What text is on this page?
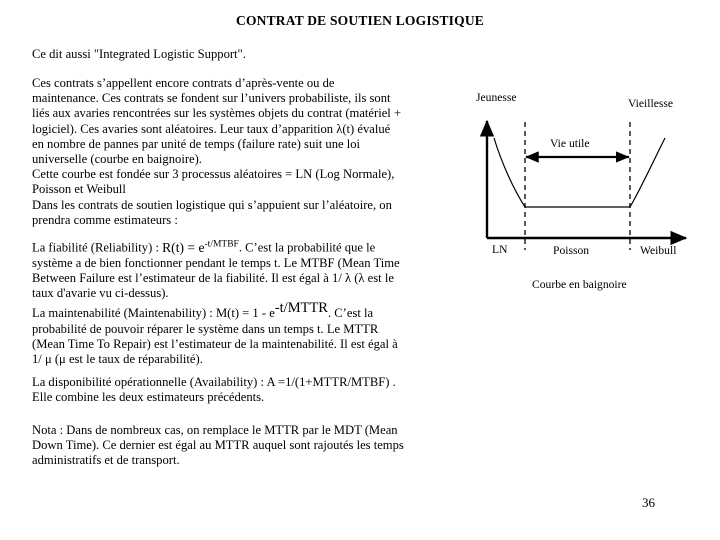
CONTRAT DE SOUTIEN LOGISTIQUE
Ce dit aussi "Integrated Logistic Support".
Ces contrats s’appellent encore contrats d’après-vente ou de maintenance. Ces contrats se fondent sur l’univers probabiliste, ils sont liés aux avaries rencontrées sur les systèmes objets du contrat (matériel + logiciel). Ces avaries sont aléatoires. Leur taux d’apparition λ(t) évalué en nombre de pannes par unité de temps (failure rate) suit une loi universelle (courbe en baignoire).
Cette courbe est fondée sur 3 processus aléatoires = LN (Log Normale), Poisson et Weibull
Dans les contrats de soutien logistique qui s’appuient sur l’aléatoire, on prendra comme estimateurs :
La fiabilité (Reliability) : $R(t) = e^{-t/MTBF}$. C’est la probabilité que le système a de bien fonctionner pendant le temps t. Le MTBF (Mean Time Between Failure est l’estimateur de la fiabilité. Il est égal à 1/ λ (λ est le taux d'avarie vu ci-dessus).
La maintenabilité (Maintenability) : $M(t) = 1 - e^{-t/MTTR}$. C’est la probabilité de pouvoir réparer le système dans un temps t. Le MTTR (Mean Time To Repair) est l’estimateur de la maintenabilité. Il est égal à 1/ μ (μ est le taux de réparabilité).
La disponibilité opérationnelle (Availability) : A =1/(1+MTTR/MTBF) . Elle combine les deux estimateurs précédents.
Nota : Dans de nombreux cas, on remplace le MTTR par le MDT (Mean Down Time). Ce dernier est égal au MTTR auquel sont rajoutés les temps administratifs et de transport.
Jeunesse	Vieillesse
Vie utile
LN	Poisson	Weibull
Courbe en baignoire
36
